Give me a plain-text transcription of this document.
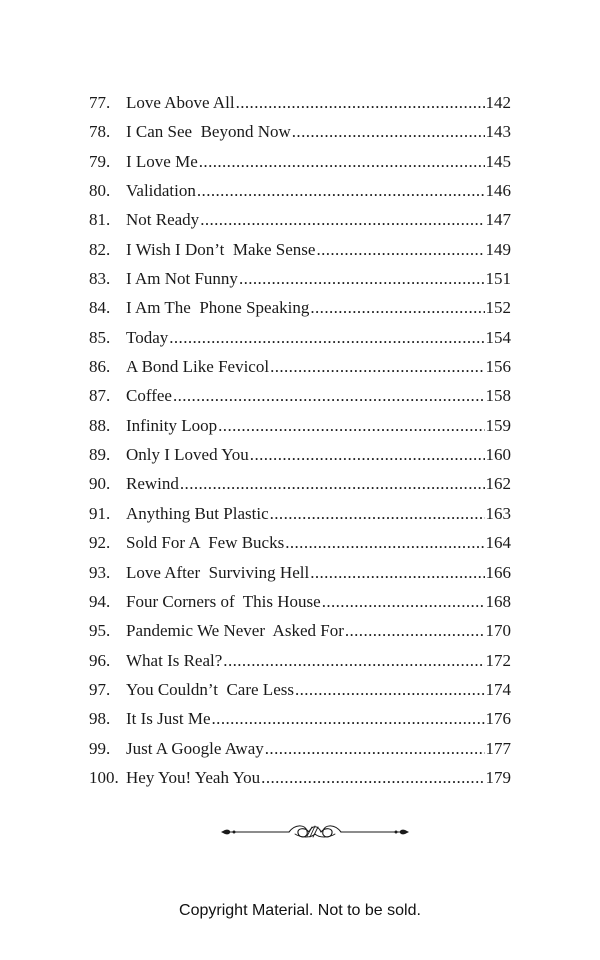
77. Love Above All .....	142
78. I Can See  Beyond Now .....	143
79. I Love Me .....	145
80. Validation .....	146
81. Not Ready .....	147
82. I Wish I Don’t  Make Sense .....	149
83. I Am Not Funny .....	151
84. I Am The  Phone Speaking .....	152
85. Today .....	154
86. A Bond Like Fevicol .....	156
87. Coffee .....	158
88. Infinity Loop .....	159
89. Only I Loved You .....	160
90. Rewind .....	162
91. Anything But Plastic .....	163
92. Sold For A  Few Bucks .....	164
93. Love After  Surviving Hell .....	166
94. Four Corners of  This House .....	168
95. Pandemic We Never  Asked For .....	170
96. What Is Real? .....	172
97. You Couldn’t  Care Less .....	174
98. It Is Just Me .....	176
99. Just A Google Away .....	177
100. Hey You! Yeah You .....	179
Copyright Material. Not to be sold.
